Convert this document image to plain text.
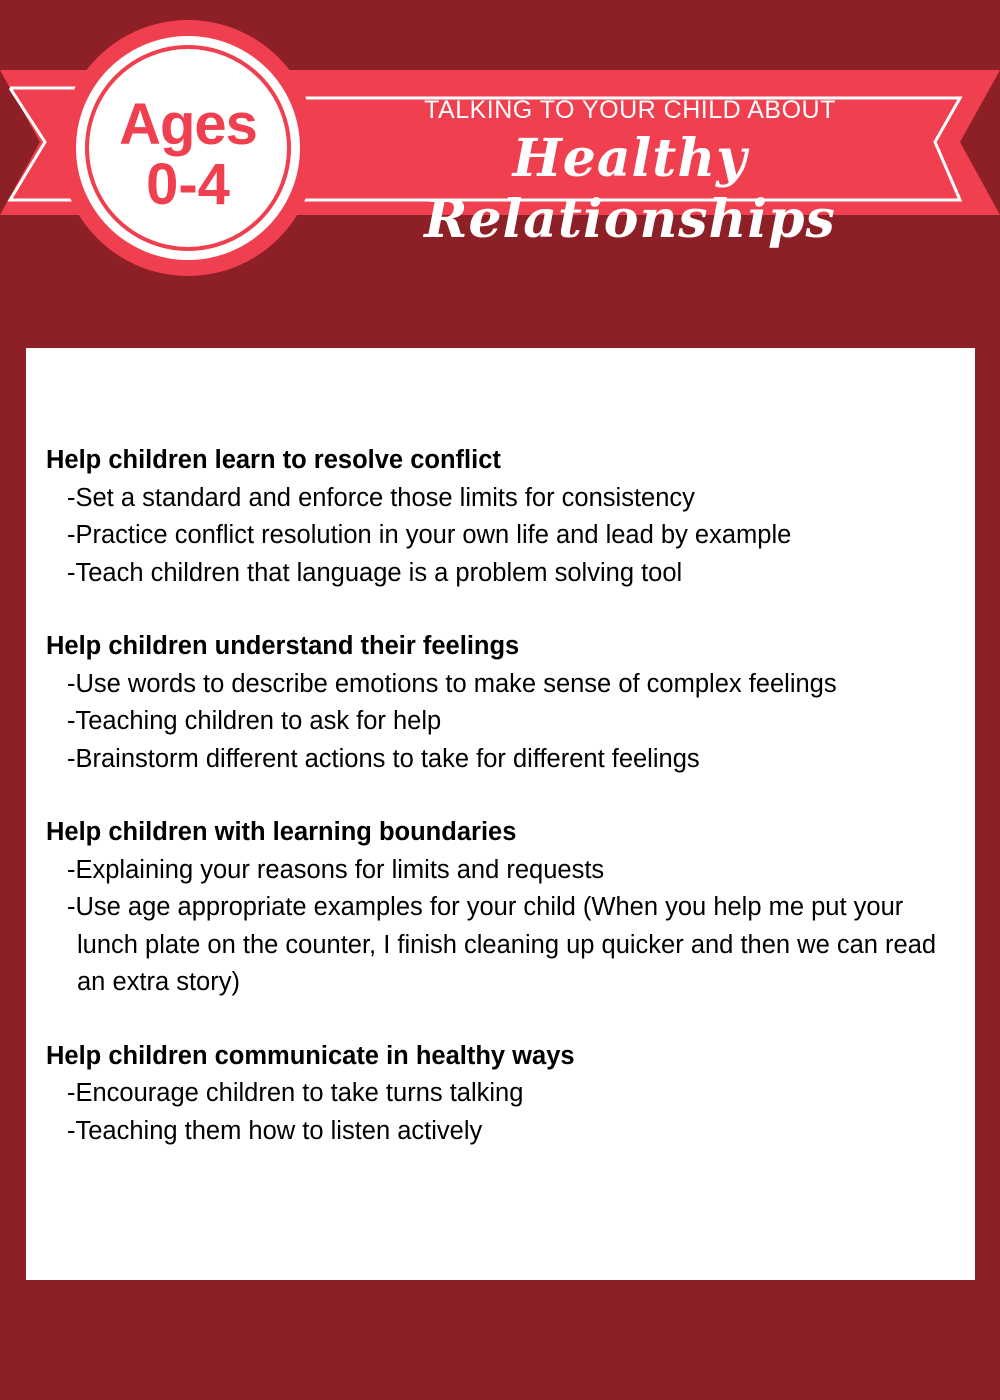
Ages
0-4
TALKING TO YOUR CHILD ABOUT
Healthy Relationships
Help children learn to resolve conflict
-Set a standard and enforce those limits for consistency
-Practice conflict resolution in your own life and lead by example
-Teach children that language is a problem solving tool
Help children understand their feelings
-Use words to describe emotions to make sense of complex feelings
-Teaching children to ask for help
-Brainstorm different actions to take for different feelings
Help children with learning boundaries
-Explaining your reasons for limits and requests
-Use age appropriate examples for your child (When you help me put your lunch plate on the counter, I finish cleaning up quicker and then we can read an extra story)
Help children communicate in healthy ways
-Encourage children to take turns talking
-Teaching them how to listen actively
